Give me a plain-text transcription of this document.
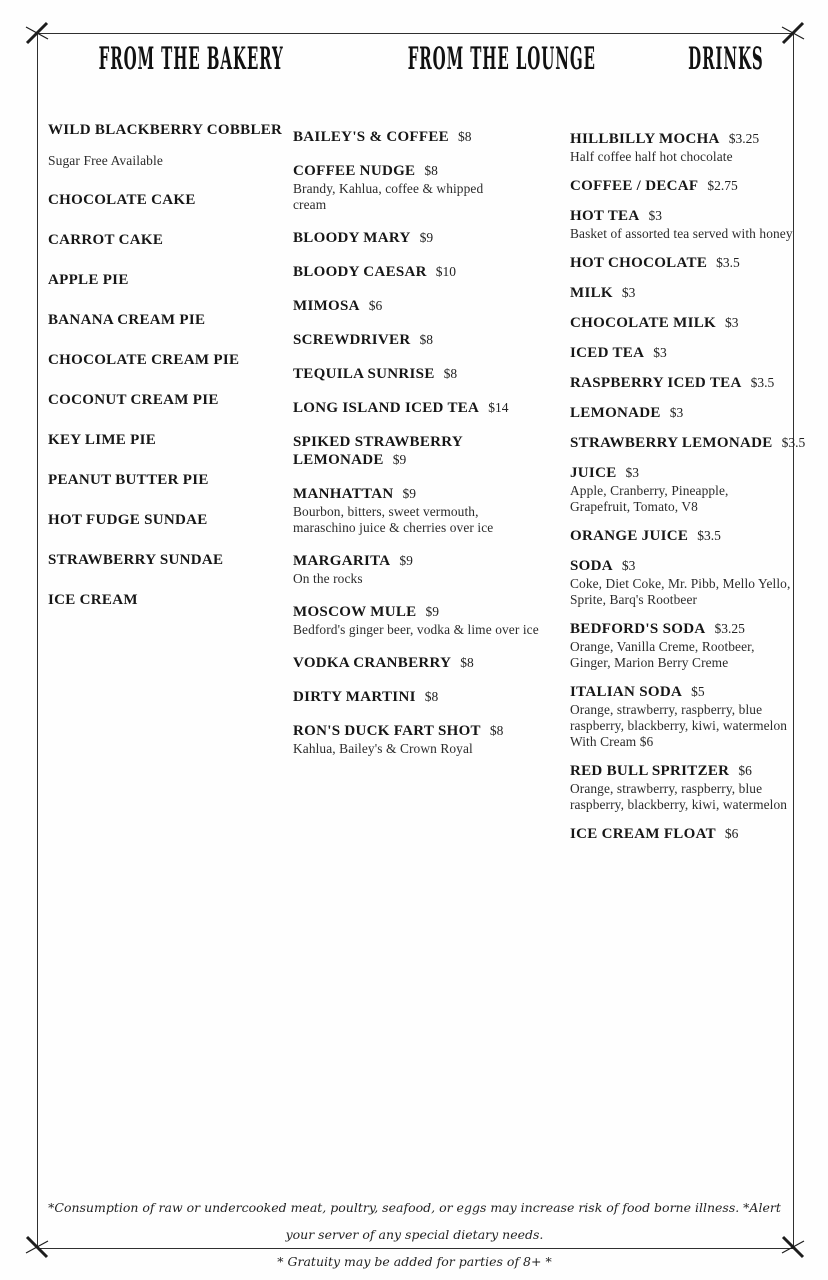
FROM THE BAKERY	FROM THE LOUNGE	DRINKS
WILD BLACKBERRY COBBLER
Sugar Free Available
CHOCOLATE CAKE
CARROT CAKE
APPLE PIE
BANANA CREAM PIE
CHOCOLATE CREAM PIE
COCONUT CREAM PIE
KEY LIME PIE
PEANUT BUTTER PIE
HOT FUDGE SUNDAE
STRAWBERRY SUNDAE
ICE CREAM
BAILEY'S & COFFEE $8
COFFEE NUDGE $8
Brandy, Kahlua, coffee & whipped
cream
BLOODY MARY $9
BLOODY CAESAR $10
MIMOSA $6
SCREWDRIVER $8
TEQUILA SUNRISE $8
LONG ISLAND ICED TEA $14
SPIKED STRAWBERRY
LEMONADE $9
MANHATTAN $9
Bourbon, bitters, sweet vermouth,
maraschino juice & cherries over ice
MARGARITA $9
On the rocks
MOSCOW MULE $9
Bedford's ginger beer, vodka & lime over ice
VODKA CRANBERRY $8
DIRTY MARTINI $8
RON'S DUCK FART SHOT $8
Kahlua, Bailey's & Crown Royal
HILLBILLY MOCHA $3.25
Half coffee half hot chocolate
COFFEE / DECAF $2.75
HOT TEA $3
Basket of assorted tea served with honey
HOT CHOCOLATE $3.5
MILK $3
CHOCOLATE MILK $3
ICED TEA $3
RASPBERRY ICED TEA $3.5
LEMONADE $3
STRAWBERRY LEMONADE $3.5
JUICE $3
Apple, Cranberry, Pineapple,
Grapefruit, Tomato, V8
ORANGE JUICE $3.5
SODA $3
Coke, Diet Coke, Mr. Pibb, Mello Yello,
Sprite, Barq's Rootbeer
BEDFORD'S SODA $3.25
Orange, Vanilla Creme, Rootbeer,
Ginger, Marion Berry Creme
ITALIAN SODA $5
Orange, strawberry, raspberry, blue
raspberry, blackberry, kiwi, watermelon
With Cream $6
RED BULL SPRITZER $6
Orange, strawberry, raspberry, blue
raspberry, blackberry, kiwi, watermelon
ICE CREAM FLOAT $6
*Consumption of raw or undercooked meat, poultry, seafood, or eggs may increase risk of food borne illness. *Alert your server of any special dietary needs.
* Gratuity may be added for parties of 8+ *
